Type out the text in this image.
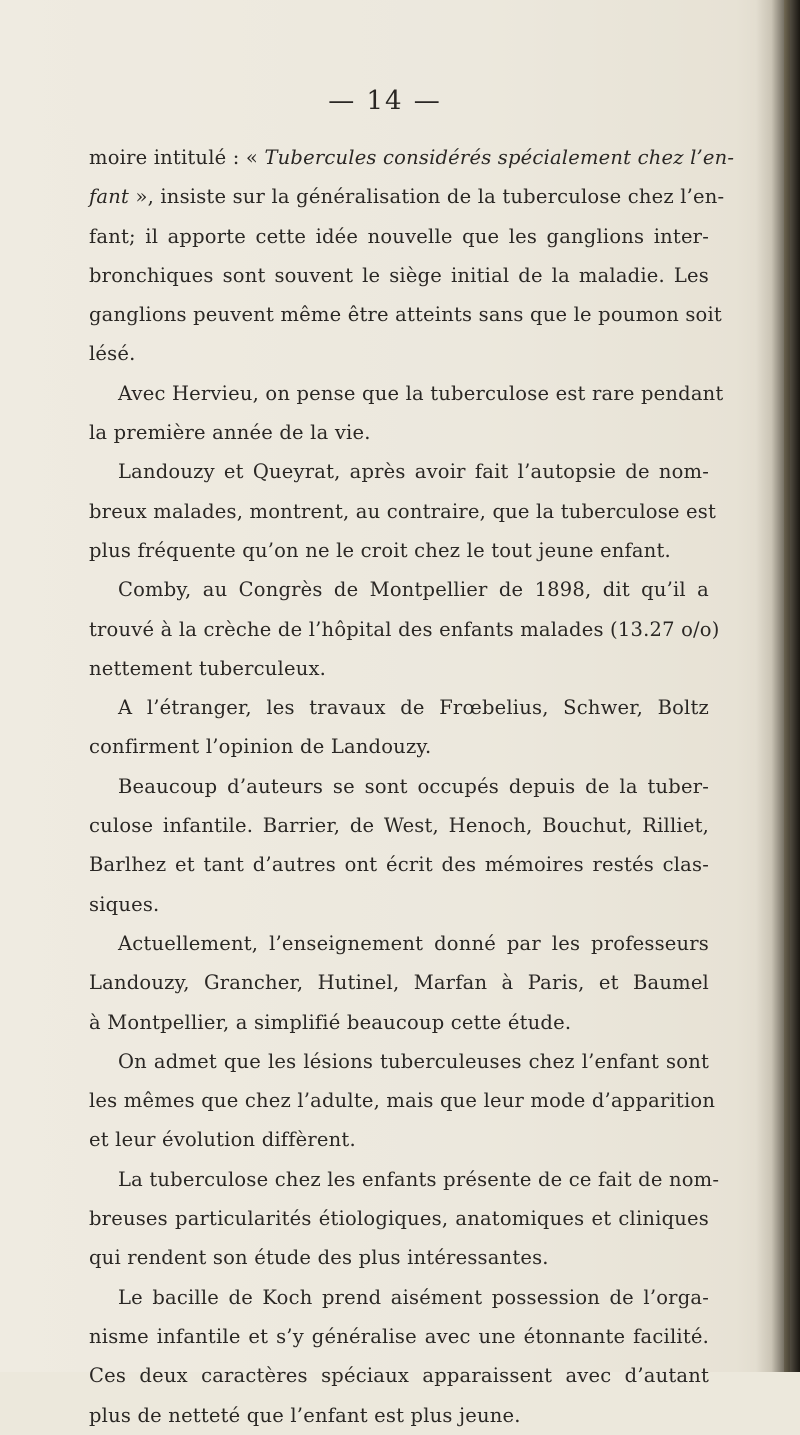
— 14 —
moire intitulé : « Tubercules considérés spécialement chez l’en-
fant », insiste sur la généralisation de la tuberculose chez l’en-
fant; il apporte cette idée nouvelle que les ganglions inter-
bronchiques sont souvent le siège initial de la maladie. Les
ganglions peuvent même être atteints sans que le poumon soit
lésé.
Avec Hervieu, on pense que la tuberculose est rare pendant
la première année de la vie.
Landouzy et Queyrat, après avoir fait l’autopsie de nom-
breux malades, montrent, au contraire, que la tuberculose est
plus fréquente qu’on ne le croit chez le tout jeune enfant.
Comby, au Congrès de Montpellier de 1898, dit qu’il a
trouvé à la crèche de l’hôpital des enfants malades (13.27 o/o)
nettement tuberculeux.
A l’étranger, les travaux de Frœbelius, Schwer, Boltz
confirment l’opinion de Landouzy.
Beaucoup d’auteurs se sont occupés depuis de la tuber-
culose infantile. Barrier, de West, Henoch, Bouchut, Rilliet,
Barlhez et tant d’autres ont écrit des mémoires restés clas-
siques.
Actuellement, l’enseignement donné par les professeurs
Landouzy, Grancher, Hutinel, Marfan à Paris, et Baumel
à Montpellier, a simplifié beaucoup cette étude.
On admet que les lésions tuberculeuses chez l’enfant sont
les mêmes que chez l’adulte, mais que leur mode d’apparition
et leur évolution diffèrent.
La tuberculose chez les enfants présente de ce fait de nom-
breuses particularités étiologiques, anatomiques et cliniques
qui rendent son étude des plus intéressantes.
Le bacille de Koch prend aisément possession de l’orga-
nisme infantile et s’y généralise avec une étonnante facilité.
Ces deux caractères spéciaux apparaissent avec d’autant
plus de netteté que l’enfant est plus jeune.
